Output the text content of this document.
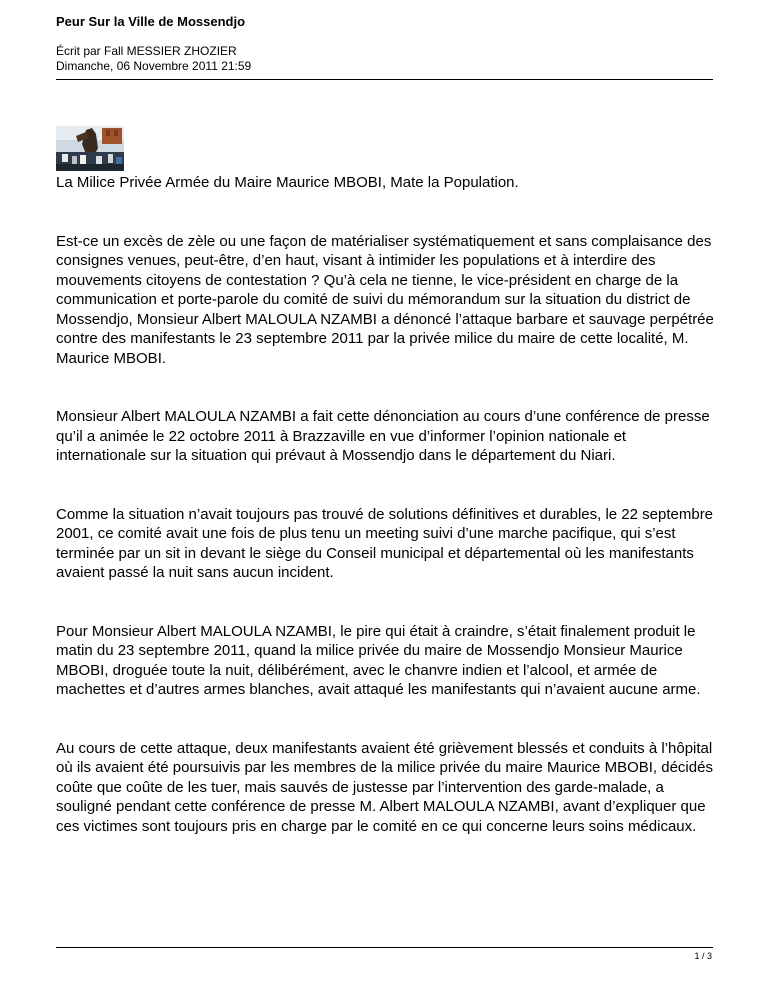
Peur Sur la Ville de Mossendjo
Écrit par Fall MESSIER ZHOZIER
Dimanche, 06 Novembre 2011 21:59

La Milice Privée Armée du Maire Maurice MBOBI, Mate la Population.

Est-ce un excès de zèle ou une façon de matérialiser systématiquement et sans complaisance des consignes venues, peut-être, d’en haut, visant à intimider les populations et à interdire des mouvements citoyens de contestation ? Qu’à cela ne tienne, le vice-président en charge de la communication et porte-parole du comité de suivi du mémorandum sur la situation du district de Mossendjo, Monsieur Albert MALOULA NZAMBI a dénoncé l’attaque barbare et sauvage perpétrée contre des manifestants le 23 septembre 2011 par la privée milice du maire de cette localité, M. Maurice MBOBI.

Monsieur Albert MALOULA NZAMBI a fait cette dénonciation au cours d’une conférence de presse qu’il a animée le 22 octobre 2011 à Brazzaville en vue d’informer l’opinion nationale et internationale sur la situation qui prévaut à Mossendjo dans le département du Niari.

Comme la situation n’avait toujours pas trouvé de solutions définitives et durables, le 22 septembre 2001, ce comité avait une fois de plus tenu un meeting suivi d’une marche pacifique, qui s’est terminée par un sit in devant le siège du Conseil municipal et départemental où les manifestants avaient passé la nuit sans aucun incident.

Pour Monsieur Albert MALOULA NZAMBI, le pire qui était à craindre, s’était finalement produit le matin du 23 septembre 2011, quand la milice privée du maire de Mossendjo Monsieur Maurice MBOBI, droguée toute la nuit, délibérément, avec le chanvre indien et l’alcool, et armée de machettes et d’autres armes blanches, avait attaqué les manifestants qui n’avaient aucune arme.

Au cours de cette attaque, deux manifestants avaient été grièvement blessés et conduits à l’hôpital où ils avaient été poursuivis par les membres de la milice privée du maire Maurice MBOBI, décidés coûte que coûte de les tuer, mais sauvés de justesse par l’intervention des garde-malade, a souligné pendant cette conférence de presse M. Albert MALOULA NZAMBI, avant d’expliquer que ces victimes sont toujours pris en charge par le comité en ce qui concerne leurs soins médicaux.

1 / 3
